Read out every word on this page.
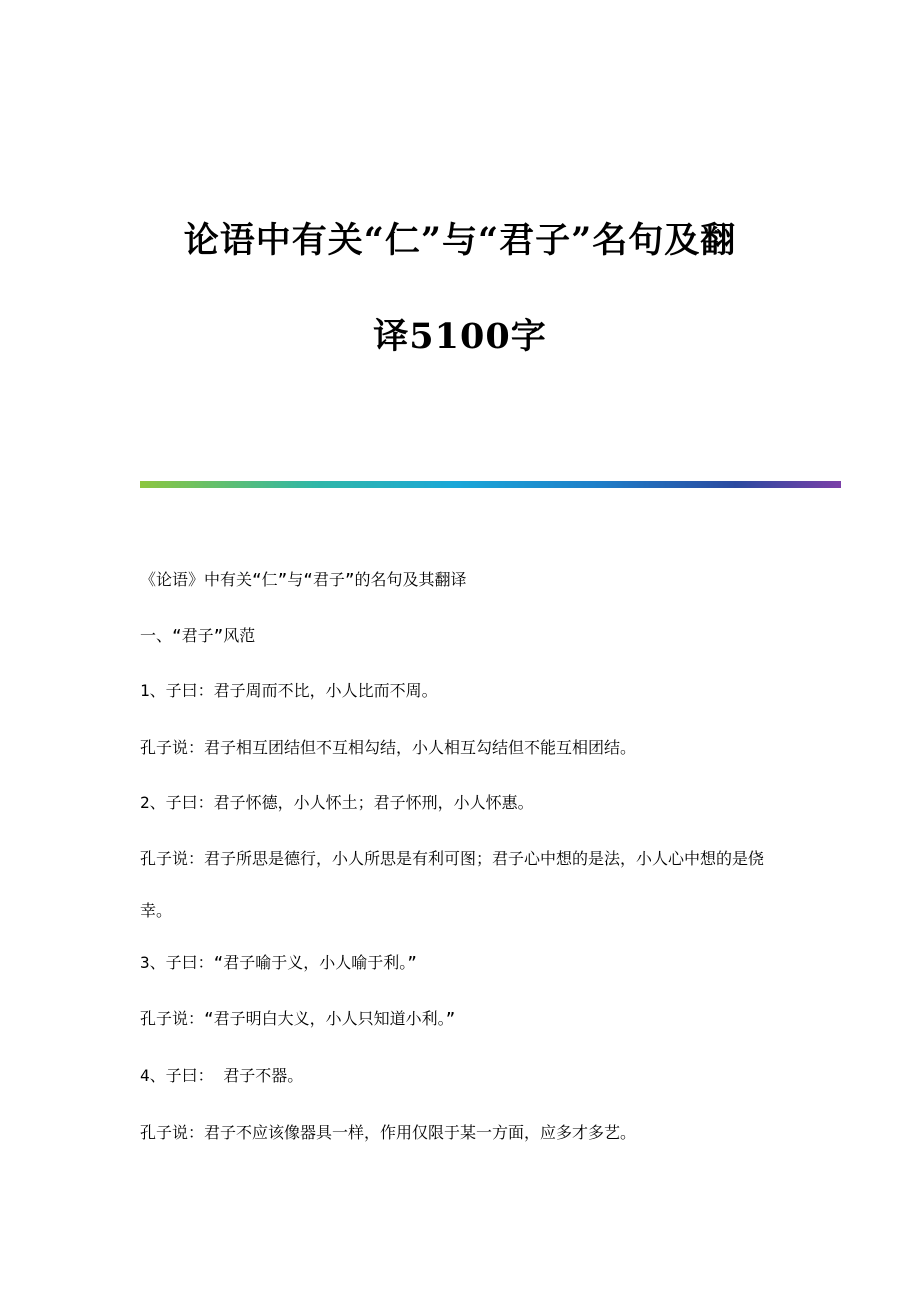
论语中有关“仁”与“君子”名句及翻
译5100字
《论语》中有关“仁”与“君子”的名句及其翻译
一、“君子”风范
1、子曰：君子周而不比，小人比而不周。
孔子说：君子相互团结但不互相勾结，小人相互勾结但不能互相团结。
2、子曰：君子怀德，小人怀土；君子怀刑，小人怀惠。
孔子说：君子所思是德行，小人所思是有利可图；君子心中想的是法，小人心中想的是侥幸。
3、子曰：“君子喻于义，小人喻于利。”
孔子说：“君子明白大义，小人只知道小利。”
4、子曰： 君子不器。
孔子说：君子不应该像器具一样，作用仅限于某一方面，应多才多艺。
